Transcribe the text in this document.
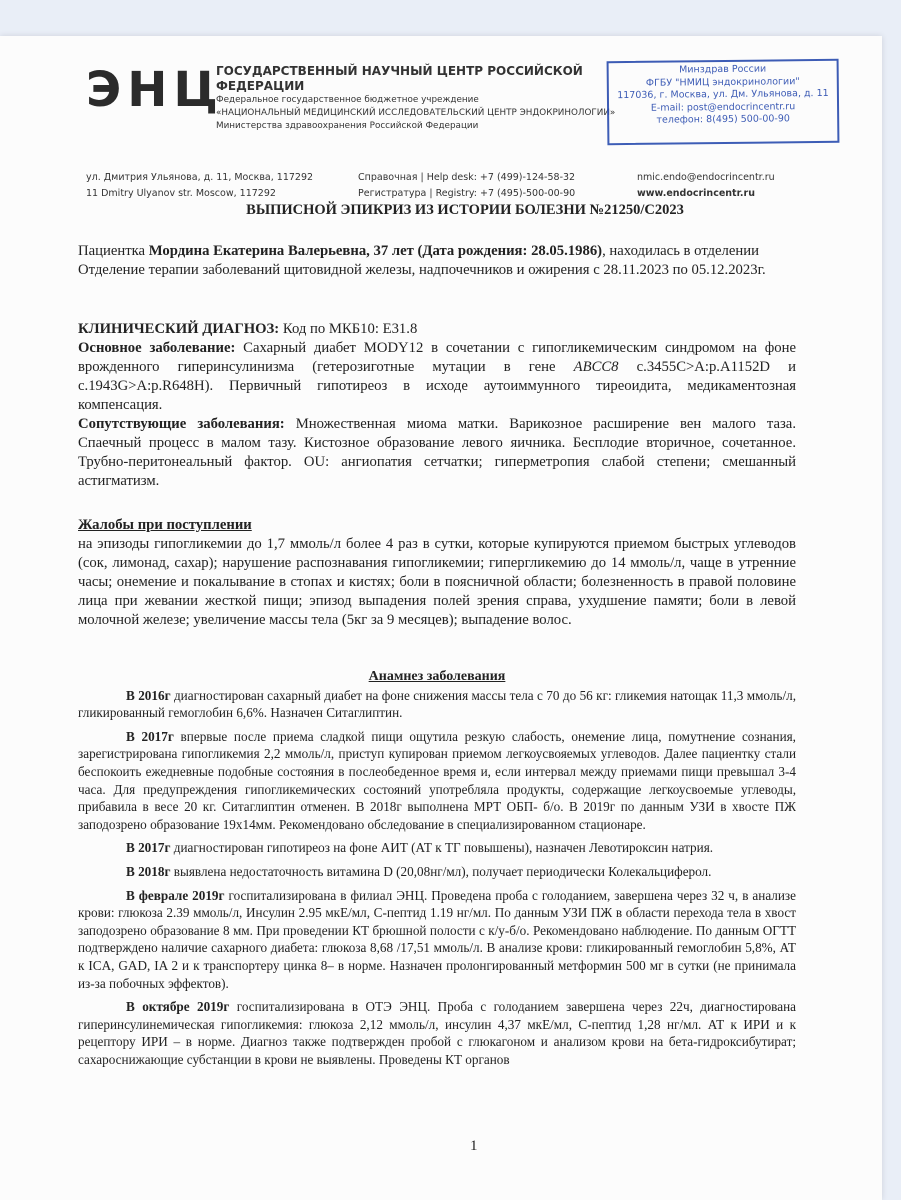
ЭНЦ
ГОСУДАРСТВЕННЫЙ НАУЧНЫЙ ЦЕНТР РОССИЙСКОЙ ФЕДЕРАЦИИ
Федеральное государственное бюджетное учреждение
«НАЦИОНАЛЬНЫЙ МЕДИЦИНСКИЙ ИССЛЕДОВАТЕЛЬСКИЙ ЦЕНТР ЭНДОКРИНОЛОГИИ»
Министерства здравоохранения Российской Федерации
Минздрав России
ФГБУ "НМИЦ эндокринологии"
117036, г. Москва, ул. Дм. Ульянова, д. 11
E-mail: post@endocrincentr.ru
телефон: 8(495) 500-00-90
ул. Дмитрия Ульянова, д. 11, Москва, 117292
11 Dmitry Ulyanov str. Moscow, 117292
Справочная | Help desk: +7 (499)-124-58-32
Регистратура | Registry: +7 (495)-500-00-90
nmic.endo@endocrincentr.ru
www.endocrincentr.ru
ВЫПИСНОЙ ЭПИКРИЗ ИЗ ИСТОРИИ БОЛЕЗНИ №21250/С2023
Пациентка Мордина Екатерина Валерьевна, 37 лет (Дата рождения: 28.05.1986), находилась в отделении Отделение терапии заболеваний щитовидной железы, надпочечников и ожирения с 28.11.2023 по 05.12.2023г.

КЛИНИЧЕСКИЙ ДИАГНОЗ: Код по МКБ10: E31.8

Основное заболевание: Сахарный диабет MODY12 в сочетании с гипогликемическим синдромом на фоне врожденного гиперинсулинизма (гетерозиготные мутации в гене ABCC8 c.3455C>A:p.A1152D и c.1943G>A:p.R648H). Первичный гипотиреоз в исходе аутоиммунного тиреоидита, медикаментозная компенсация.

Сопутствующие заболевания: Множественная миома матки. Варикозное расширение вен малого таза. Спаечный процесс в малом тазу. Кистозное образование левого яичника. Бесплодие вторичное, сочетанное. Трубно-перитонеальный фактор. OU: ангиопатия сетчатки; гиперметропия слабой степени; смешанный астигматизм.

Жалобы при поступлении
на эпизоды гипогликемии до 1,7 ммоль/л более 4 раз в сутки, которые купируются приемом быстрых углеводов (сок, лимонад, сахар); нарушение распознавания гипогликемии; гипергликемию до 14 ммоль/л, чаще в утренние часы; онемение и покалывание в стопах и кистях; боли в поясничной области; болезненность в правой половине лица при жевании жесткой пищи; эпизод выпадения полей зрения справа, ухудшение памяти; боли в левой молочной железе; увеличение массы тела (5кг за 9 месяцев); выпадение волос.
Анамнез заболевания

В 2016г диагностирован сахарный диабет на фоне снижения массы тела с 70 до 56 кг: гликемия натощак 11,3 ммоль/л, гликированный гемоглобин 6,6%. Назначен Ситаглиптин.

В 2017г впервые после приема сладкой пищи ощутила резкую слабость, онемение лица, помутнение сознания, зарегистрирована гипогликемия 2,2 ммоль/л, приступ купирован приемом легкоусвояемых углеводов. Далее пациентку стали беспокоить ежедневные подобные состояния в послеобеденное время и, если интервал между приемами пищи превышал 3-4 часа. Для предупреждения гипогликемических состояний употребляла продукты, содержащие легкоусвоемые углеводы, прибавила в весе 20 кг. Ситаглиптин отменен. В 2018г выполнена МРТ ОБП- б/о. В 2019г по данным УЗИ в хвосте ПЖ заподозрено образование 19х14мм. Рекомендовано обследование в специализированном стационаре.

В 2017г диагностирован гипотиреоз на фоне АИТ (АТ к ТГ повышены), назначен Левотироксин натрия.

В 2018г выявлена недостаточность витамина D (20,08нг/мл), получает периодически Колекальциферол.

В феврале 2019г госпитализирована в филиал ЭНЦ. Проведена проба с голоданием, завершена через 32 ч, в анализе крови: глюкоза 2.39 ммоль/л, Инсулин 2.95 мкЕ/мл, С-пептид 1.19 нг/мл. По данным УЗИ ПЖ в области перехода тела в хвост заподозрено образование 8 мм. При проведении КТ брюшной полости с к/у-б/о. Рекомендовано наблюдение. По данным ОГТТ подтверждено наличие сахарного диабета: глюкоза 8,68 /17,51 ммоль/л. В анализе крови: гликированный гемоглобин 5,8%, АТ к ICA, GAD, IA 2 и к транспортеру цинка 8– в норме. Назначен пролонгированный метформин 500 мг в сутки (не принимала из-за побочных эффектов).

В октябре 2019г госпитализирована в ОТЭ ЭНЦ. Проба с голоданием завершена через 22ч, диагностирована гиперинсулинемическая гипогликемия: глюкоза 2,12 ммоль/л, инсулин 4,37 мкЕ/мл, С-пептид 1,28 нг/мл. АТ к ИРИ и к рецептору ИРИ – в норме. Диагноз также подтвержден пробой с глюкагоном и анализом крови на бета-гидроксибутират; сахароснижающие субстанции в крови не выявлены. Проведены КТ органов

1
